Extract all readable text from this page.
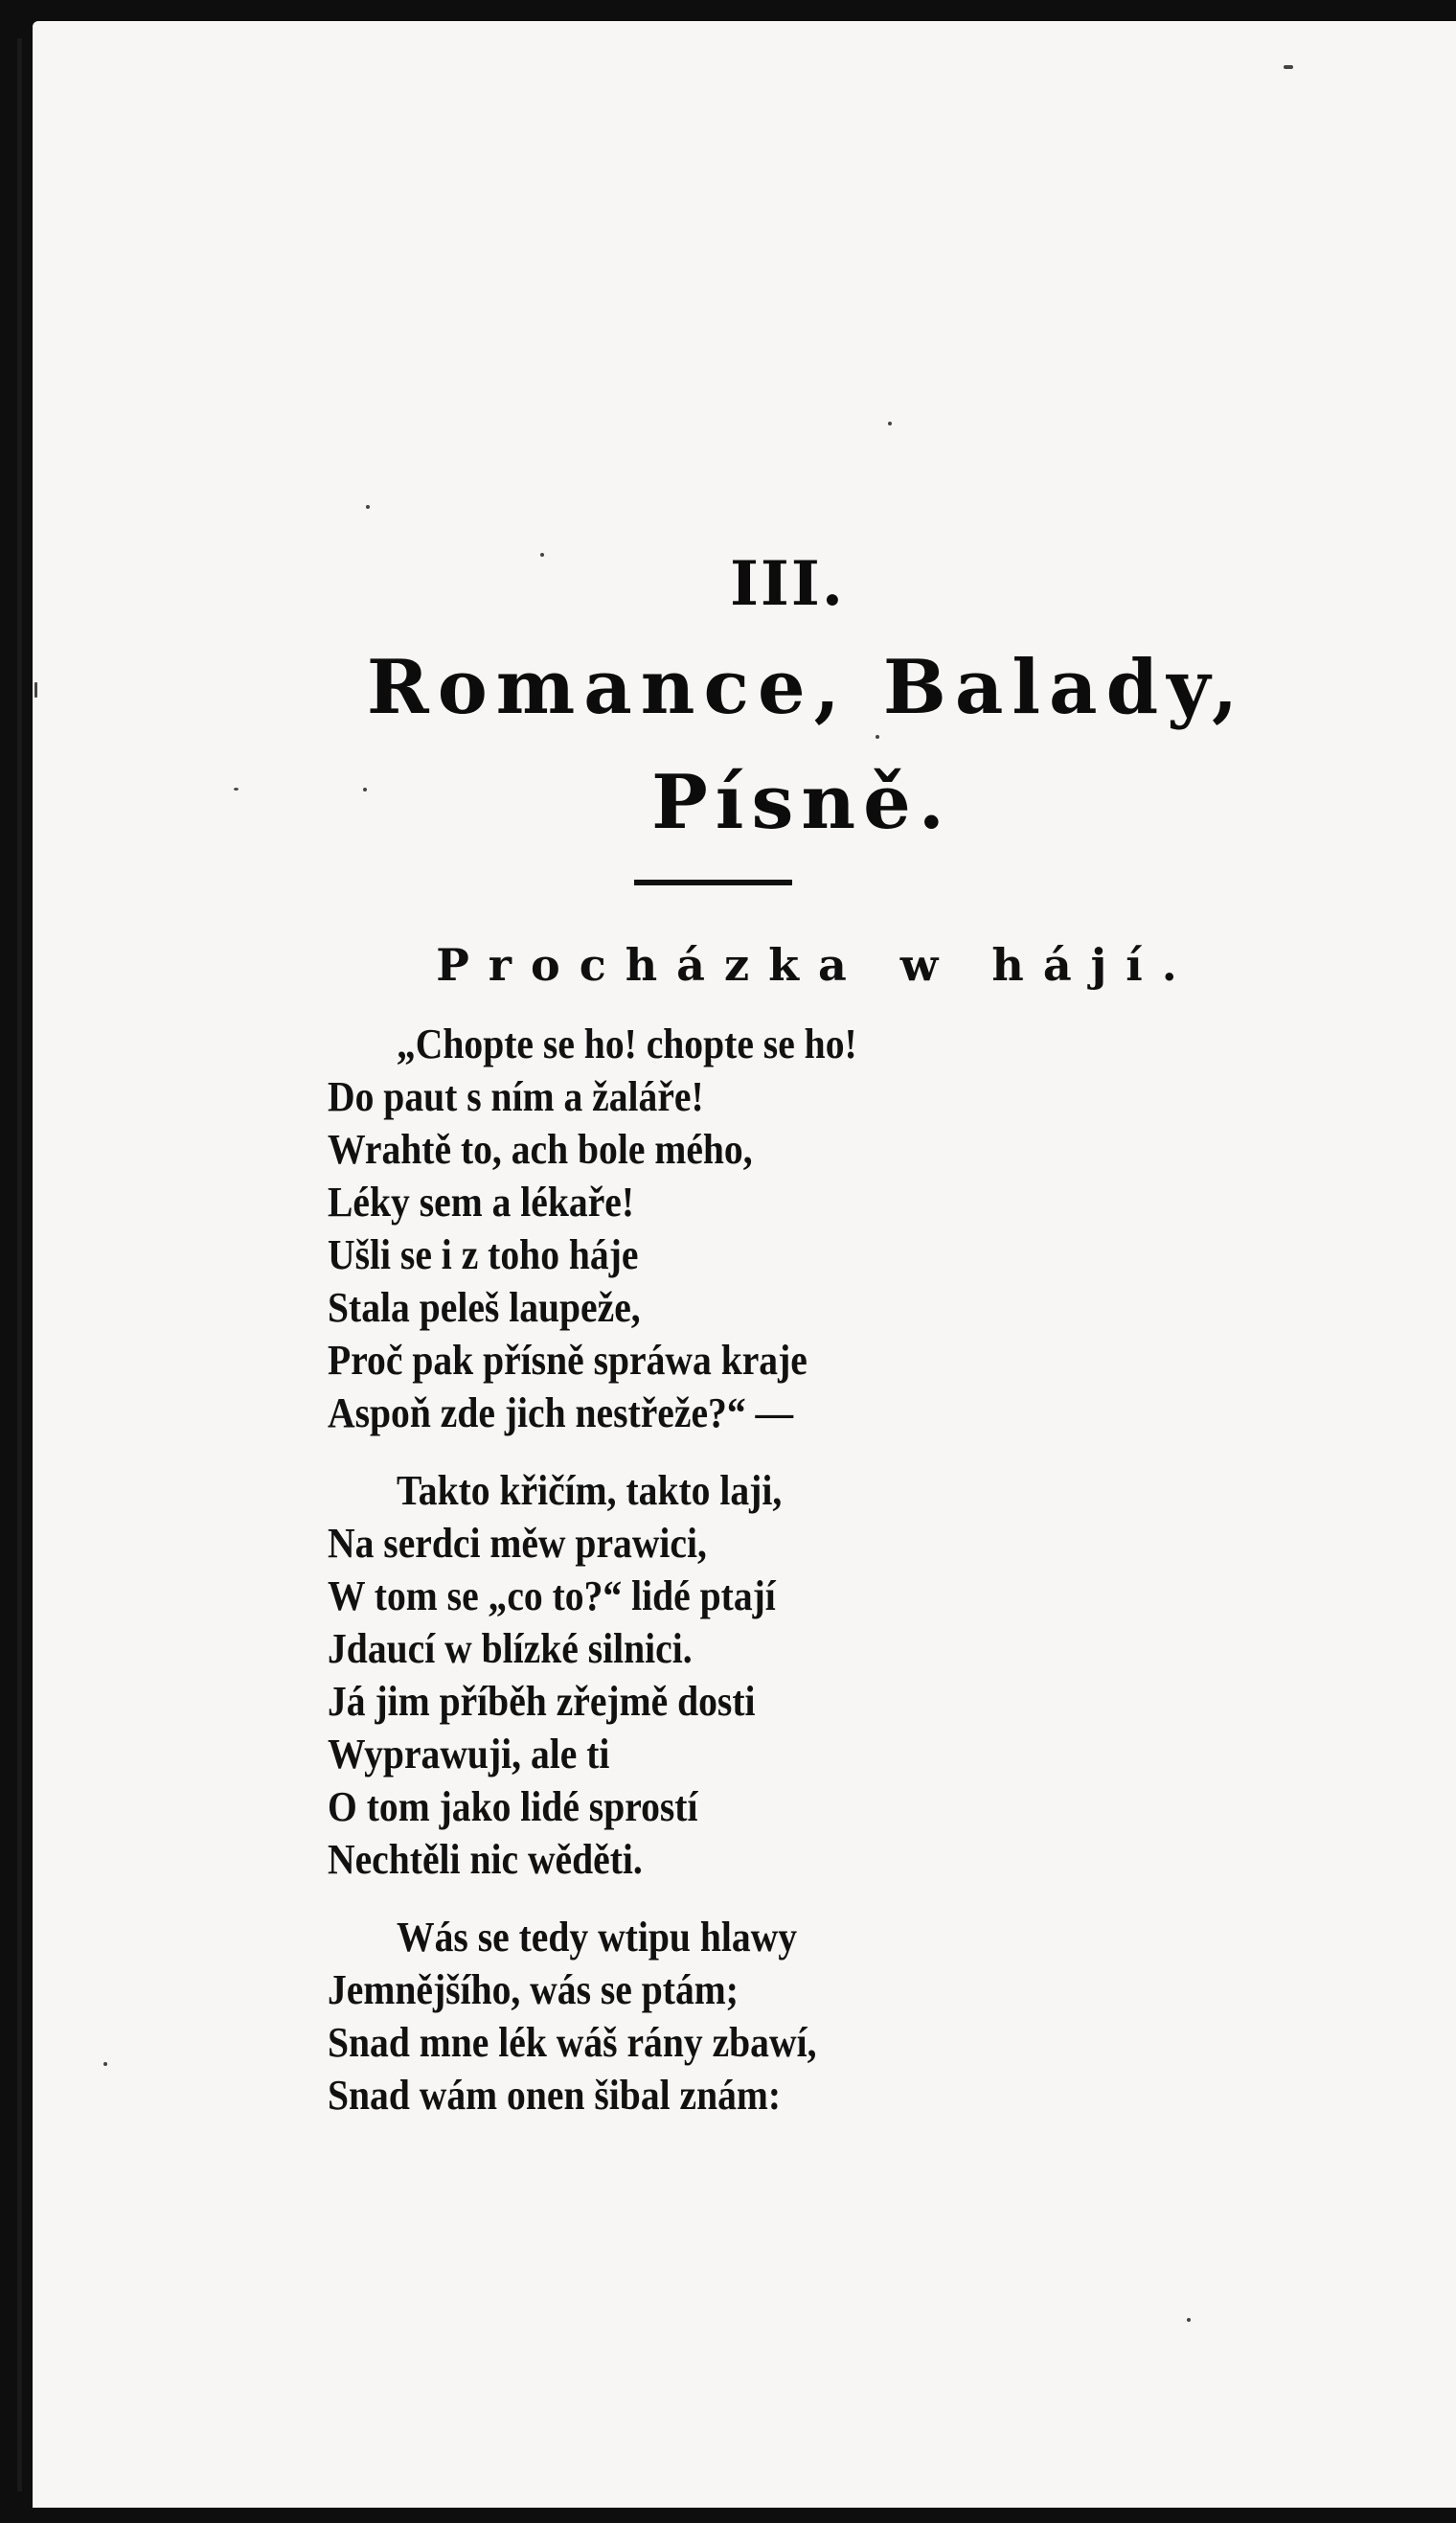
III.
Romance, Balady,
Písně.
Procházka w hájí.
„Chopte se ho! chopte se ho!
Do paut s ním a žaláře!
Wrahtě to, ach bole mého,
Léky sem a lékaře!
Ušli se i z toho háje
Stala peleš laupeže,
Proč pak přísně spráwa kraje
Aspoň zde jich nestřeže?“ —
Takto křičím, takto laji,
Na serdci měw prawici,
W tom se „co to?“ lidé ptají
Jdaucí w blízké silnici.
Já jim příběh zřejmě dosti
Wyprawuji, ale ti
O tom jako lidé sprostí
Nechtěli nic wěděti.
Wás se tedy wtipu hlawy
Jemnějšího, wás se ptám;
Snad mne lék wáš rány zbawí,
Snad wám onen šibal znám:
